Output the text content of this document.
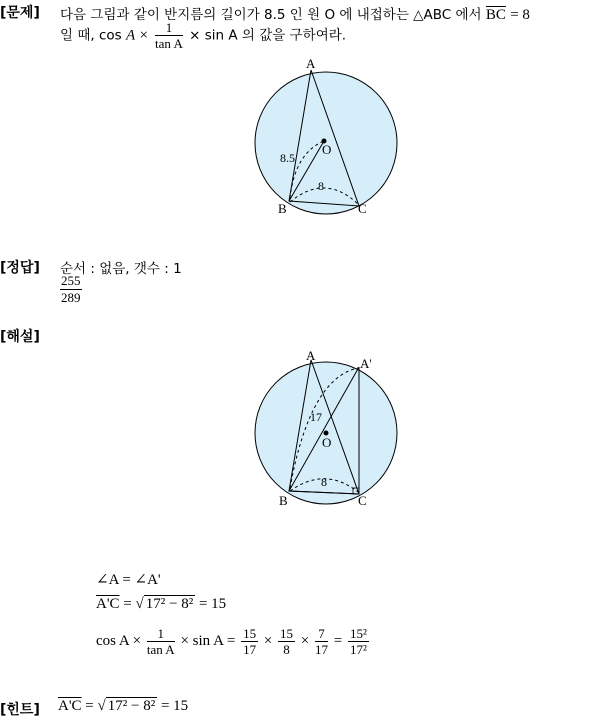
[문제] 다음 그림과 같이 반지름의 길이가 8.5 인 원 O 에 내접하는 △ABC 에서 $\overline{BC} = 8$
일 때, $\cos A \times \frac{1}{\text{tan A}} \times \sin A$ 의 값을 구하여라.
A
O
8.5
8
B	C
[정답] 순서 : 없음, 갯수 : 1
$\frac{255}{289}$
[해설]
A
A'
17
O
8
B	C
∠A = ∠A'
A'C = √ 17² − 8² = 15
$\cos A \times \frac{1}{\text{tan A}} \times \sin A = \frac{15}{17} \times \frac{15}{8} \times \frac{7}{17} = \frac{\text{15²}}{\text{17²}}$
[힌트] A'C = √ 17² − 8² = 15
